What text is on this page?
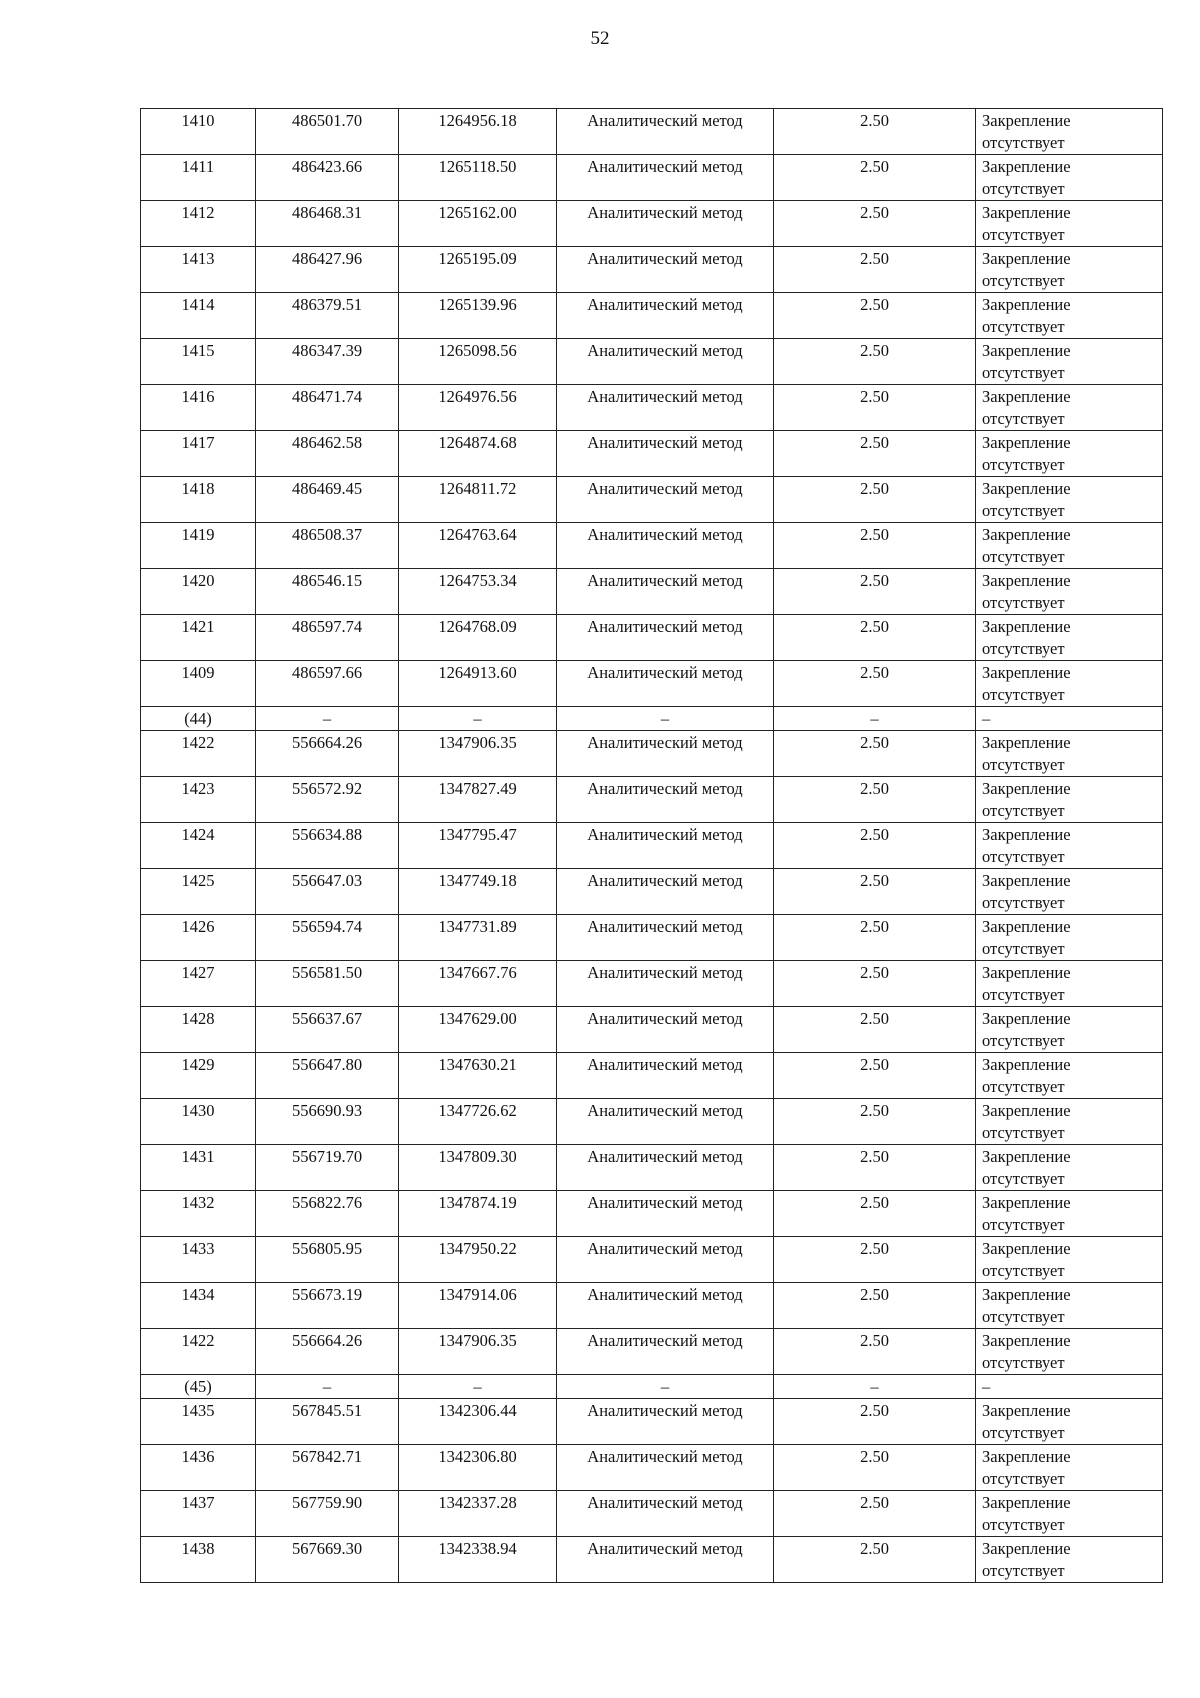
52
1410	486501.70	1264956.18	Аналитический метод	2.50	Закрепление
отсутствует

1411	486423.66	1265118.50	Аналитический метод	2.50	Закрепление
отсутствует

1412	486468.31	1265162.00	Аналитический метод	2.50	Закрепление
отсутствует

1413	486427.96	1265195.09	Аналитический метод	2.50	Закрепление
отсутствует

1414	486379.51	1265139.96	Аналитический метод	2.50	Закрепление
отсутствует

1415	486347.39	1265098.56	Аналитический метод	2.50	Закрепление
отсутствует

1416	486471.74	1264976.56	Аналитический метод	2.50	Закрепление
отсутствует

1417	486462.58	1264874.68	Аналитический метод	2.50	Закрепление
отсутствует

1418	486469.45	1264811.72	Аналитический метод	2.50	Закрепление
отсутствует

1419	486508.37	1264763.64	Аналитический метод	2.50	Закрепление
отсутствует

1420	486546.15	1264753.34	Аналитический метод	2.50	Закрепление
отсутствует

1421	486597.74	1264768.09	Аналитический метод	2.50	Закрепление
отсутствует

1409	486597.66	1264913.60	Аналитический метод	2.50	Закрепление
отсутствует

(44)	–	–	–	–	–

1422	556664.26	1347906.35	Аналитический метод	2.50	Закрепление
отсутствует

1423	556572.92	1347827.49	Аналитический метод	2.50	Закрепление
отсутствует

1424	556634.88	1347795.47	Аналитический метод	2.50	Закрепление
отсутствует

1425	556647.03	1347749.18	Аналитический метод	2.50	Закрепление
отсутствует

1426	556594.74	1347731.89	Аналитический метод	2.50	Закрепление
отсутствует

1427	556581.50	1347667.76	Аналитический метод	2.50	Закрепление
отсутствует

1428	556637.67	1347629.00	Аналитический метод	2.50	Закрепление
отсутствует

1429	556647.80	1347630.21	Аналитический метод	2.50	Закрепление
отсутствует

1430	556690.93	1347726.62	Аналитический метод	2.50	Закрепление
отсутствует

1431	556719.70	1347809.30	Аналитический метод	2.50	Закрепление
отсутствует

1432	556822.76	1347874.19	Аналитический метод	2.50	Закрепление
отсутствует

1433	556805.95	1347950.22	Аналитический метод	2.50	Закрепление
отсутствует

1434	556673.19	1347914.06	Аналитический метод	2.50	Закрепление
отсутствует

1422	556664.26	1347906.35	Аналитический метод	2.50	Закрепление
отсутствует

(45)	–	–	–	–	–

1435	567845.51	1342306.44	Аналитический метод	2.50	Закрепление
отсутствует

1436	567842.71	1342306.80	Аналитический метод	2.50	Закрепление
отсутствует

1437	567759.90	1342337.28	Аналитический метод	2.50	Закрепление
отсутствует

1438	567669.30	1342338.94	Аналитический метод	2.50	Закрепление
отсутствует
